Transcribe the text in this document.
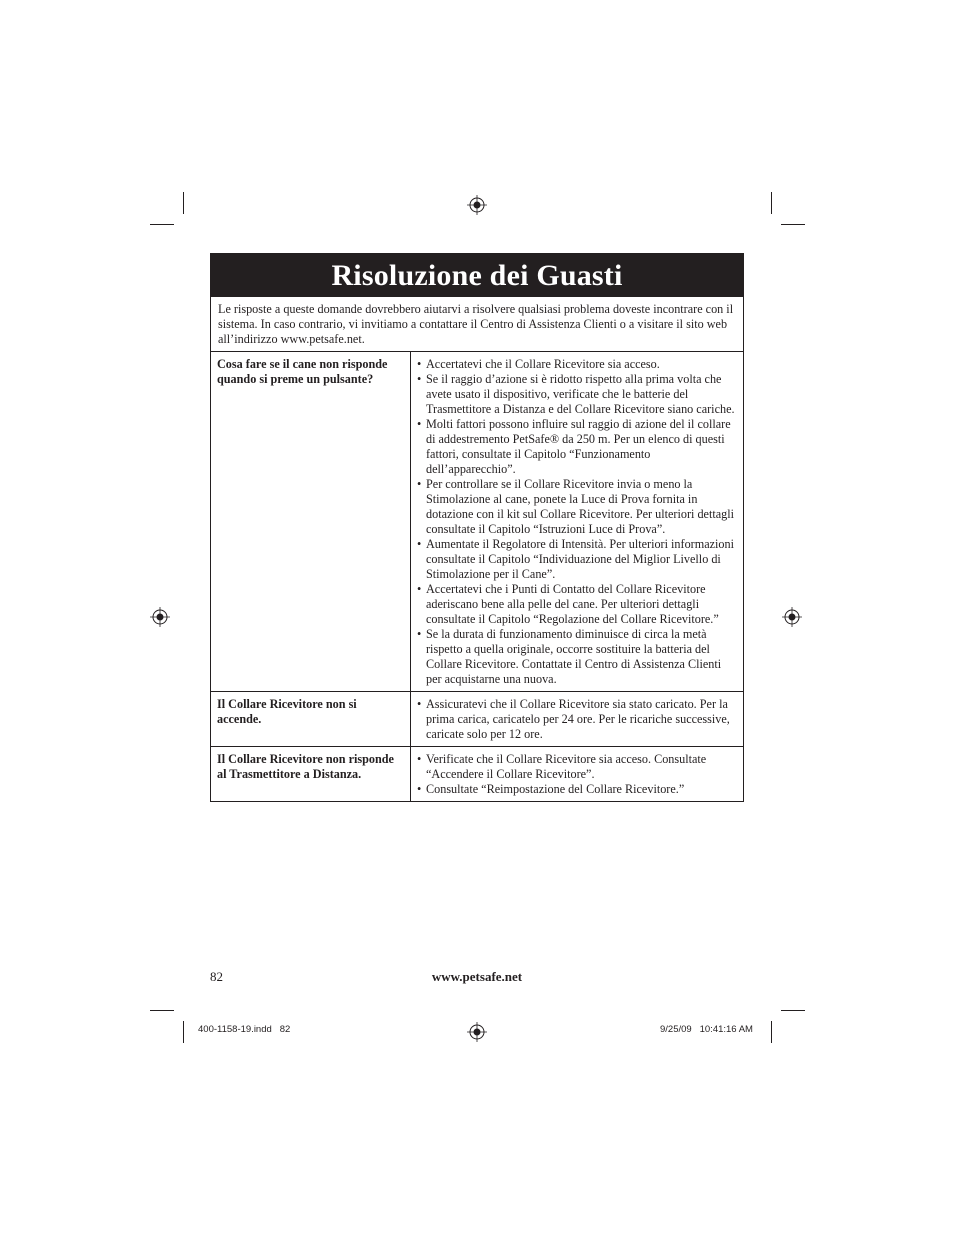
Risoluzione dei Guasti
Le risposte a queste domande dovrebbero aiutarvi a risolvere qualsiasi problema doveste incontrare con il sistema. In caso contrario, vi invitiamo a contattare il Centro di Assistenza Clienti o a visitare il sito web all’indirizzo www.petsafe.net.
Cosa fare se il cane non risponde quando si preme un pulsante?
• Accertatevi che il Collare Ricevitore sia acceso.
• Se il raggio d’azione si è ridotto rispetto alla prima volta che avete usato il dispositivo, verificate che le batterie del Trasmettitore a Distanza e del Collare Ricevitore siano cariche.
• Molti fattori possono influire sul raggio di azione del il collare di addestremento PetSafe® da 250 m. Per un elenco di questi fattori, consultate il Capitolo “Funzionamento dell’apparecchio”.
• Per controllare se il Collare Ricevitore invia o meno la Stimolazione al cane, ponete la Luce di Prova fornita in dotazione con il kit sul Collare Ricevitore. Per ulteriori dettagli consultate il Capitolo “Istruzioni Luce di Prova”.
• Aumentate il Regolatore di Intensità. Per ulteriori informazioni consultate il Capitolo “Individuazione del Miglior Livello di Stimolazione per il Cane”.
• Accertatevi che i Punti di Contatto del Collare Ricevitore aderiscano bene alla pelle del cane. Per ulteriori dettagli consultate il Capitolo “Regolazione del Collare Ricevitore.”
• Se la durata di funzionamento diminuisce di circa la metà rispetto a quella originale, occorre sostituire la batteria del Collare Ricevitore. Contattate il Centro di Assistenza Clienti per acquistarne una nuova.
Il Collare Ricevitore non si accende.
• Assicuratevi che il Collare Ricevitore sia stato caricato. Per la prima carica, caricatelo per 24 ore. Per le ricariche successive, caricate solo per 12 ore.
Il Collare Ricevitore non risponde al Trasmettitore a Distanza.
• Verificate che il Collare Ricevitore sia acceso. Consultate “Accendere il Collare Ricevitore”.
• Consultate “Reimpostazione del Collare Ricevitore.”
82	www.petsafe.net
400-1158-19.indd   82	9/25/09   10:41:16 AM
